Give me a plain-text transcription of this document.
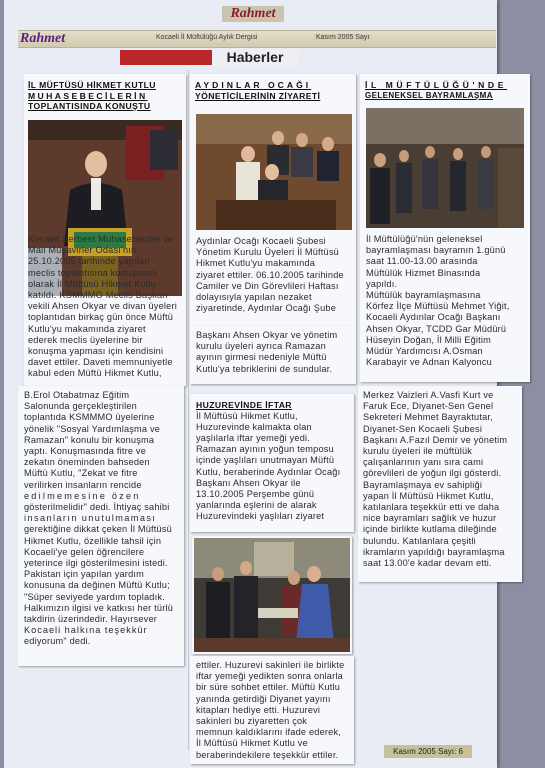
Rahmet
Rahmet	Kocaeli İl Müftülüğü Aylık Dergisi	Kasım 2005 Sayı
Haberler

İL MÜFTÜSÜ HİKMET KUTLU

MUHASEBECİLERİN

TOPLANTISINDA KONUŞTU

Kocaeli Serbest Muhasebeciler ve

Mali Müşavirler Odası'nın

25.10.2005 tarihinde yapılan

meclis toplantısına konuşmacı

olarak İl Müftüsü Hikmet Kutlu

katıldı. KSMMMO Meclis Başkan

vekili Ahsen Okyar ve divan üyeleri

toplantıdan birkaç gün önce Müftü

Kutlu'yu makamında ziyaret

ederek meclis üyelerine bir

konuşma yapması için kendisini

davet ettiler. Daveti memnuniyetle

kabul eden Müftü Hikmet Kutlu,

B.Erol Otabatmaz Eğitim

Salonunda gerçekleştirilen

toplantıda KSMMMO üyelerine

yönelik "Sosyal Yardımlaşma ve

Ramazan" konulu bir konuşma

yaptı. Konuşmasında fitre ve

zekatın öneminden bahseden

Müftü Kutlu, "Zekat ve fitre

verilirken insanların rencide

edilmemesine özen

gösterilmelidir" dedi. İhtiyaç sahibi

insanların unutulmaması

gerektiğine dikkat çeken İl Müftüsü

Hikmet Kutlu, özellikle tahsil için

Kocaeli'ye gelen öğrencilere

yeterince ilgi gösterilmesini istedi.

Pakistan için yapılan yardım

konusuna da değinen Müftü Kutlu;

"Süper seviyede yardım topladık.

Halkımızın ilgisi ve katkısı her türlü

takdirin üzerindedir. Hayırsever

Kocaeli halkına teşekkür

ediyorum" dedi.

AYDINLAR OCAĞI

YÖNETİCİLERİNİN ZİYARETİ

Aydınlar Ocağı Kocaeli Şubesi

Yönetim Kurulu Üyeleri İl Müftüsü

Hikmet Kutlu'yu makamında

ziyaret ettiler. 06.10.2005 tarihinde

Camiler ve Din Görevlileri Haftası

dolayısıyla yapılan nezaket

ziyaretinde, Aydınlar Ocağı Şube

Başkanı Ahsen Okyar ve yönetim

kurulu üyeleri ayrıca Ramazan

ayının girmesi nedeniyle Müftü

Kutlu'ya tebriklerini de sundular.

HUZUREVİNDE İFTAR

İl Müftüsü Hikmet Kutlu,

Huzurevinde kalmakta olan

yaşlılarla iftar yemeği yedi.

Ramazan ayının yoğun temposu

içinde yaşlıları unutmayan Müftü

Kutlu, beraberinde Aydınlar Ocağı

Başkanı Ahsen Okyar ile

13.10.2005 Perşembe günü

yanlarında eşlerini de alarak

Huzurevindeki yaşlıları ziyaret

ettiler. Huzurevi sakinleri ile birlikte

iftar yemeği yedikten sonra onlarla

bir süre sohbet ettiler. Müftü Kutlu

yanında getirdiği Diyanet yayını

kitapları hediye etti. Huzurevi

sakinleri bu ziyaretten çok

memnun kaldıklarını ifade ederek,

İl Müftüsü Hikmet Kutlu ve

beraberindekilere teşekkür ettiler.

İL MÜFTÜLÜĞÜ'NDE

GELENEKSEL BAYRAMLAŞMA

İl Müftülüğü'nün geleneksel

bayramlaşması bayramın 1.günü

saat 11.00-13.00 arasında

Müftülük Hizmet Binasında

yapıldı.

Müftülük bayramlaşmasına

Körfez İlçe Müftüsü Mehmet Yiğit,

Kocaeli Aydınlar Ocağı Başkanı

Ahsen Okyar, TCDD Gar Müdürü

Hüseyin Doğan, İl Milli Eğitim

Müdür Yardımcısı A.Osman

Karabayir ve Adnan Kalyoncu

Merkez Vaizleri A.Vasfi Kurt ve

Faruk Ece, Diyanet-Sen Genel

Sekreteri Mehmet Bayraktutar,

Diyanet-Sen Kocaeli Şubesi

Başkanı A.Fazıl Demir ve yönetim

kurulu üyeleri ile müftülük

çalışanlarının yanı sıra cami

görevlileri de yoğun ilgi gösterdi.

Bayramlaşmaya ev sahipliği

yapan İl Müftüsü Hikmet Kutlu,

katılanlara teşekkür etti ve daha

nice bayramları sağlık ve huzur

içinde birlikte kutlama dileğinde

bulundu. Katılanlara çeşitli

ikramların yapıldığı bayramlaşma

saat 13.00'e kadar devam etti.

Kasım 2005 Sayı: 6
